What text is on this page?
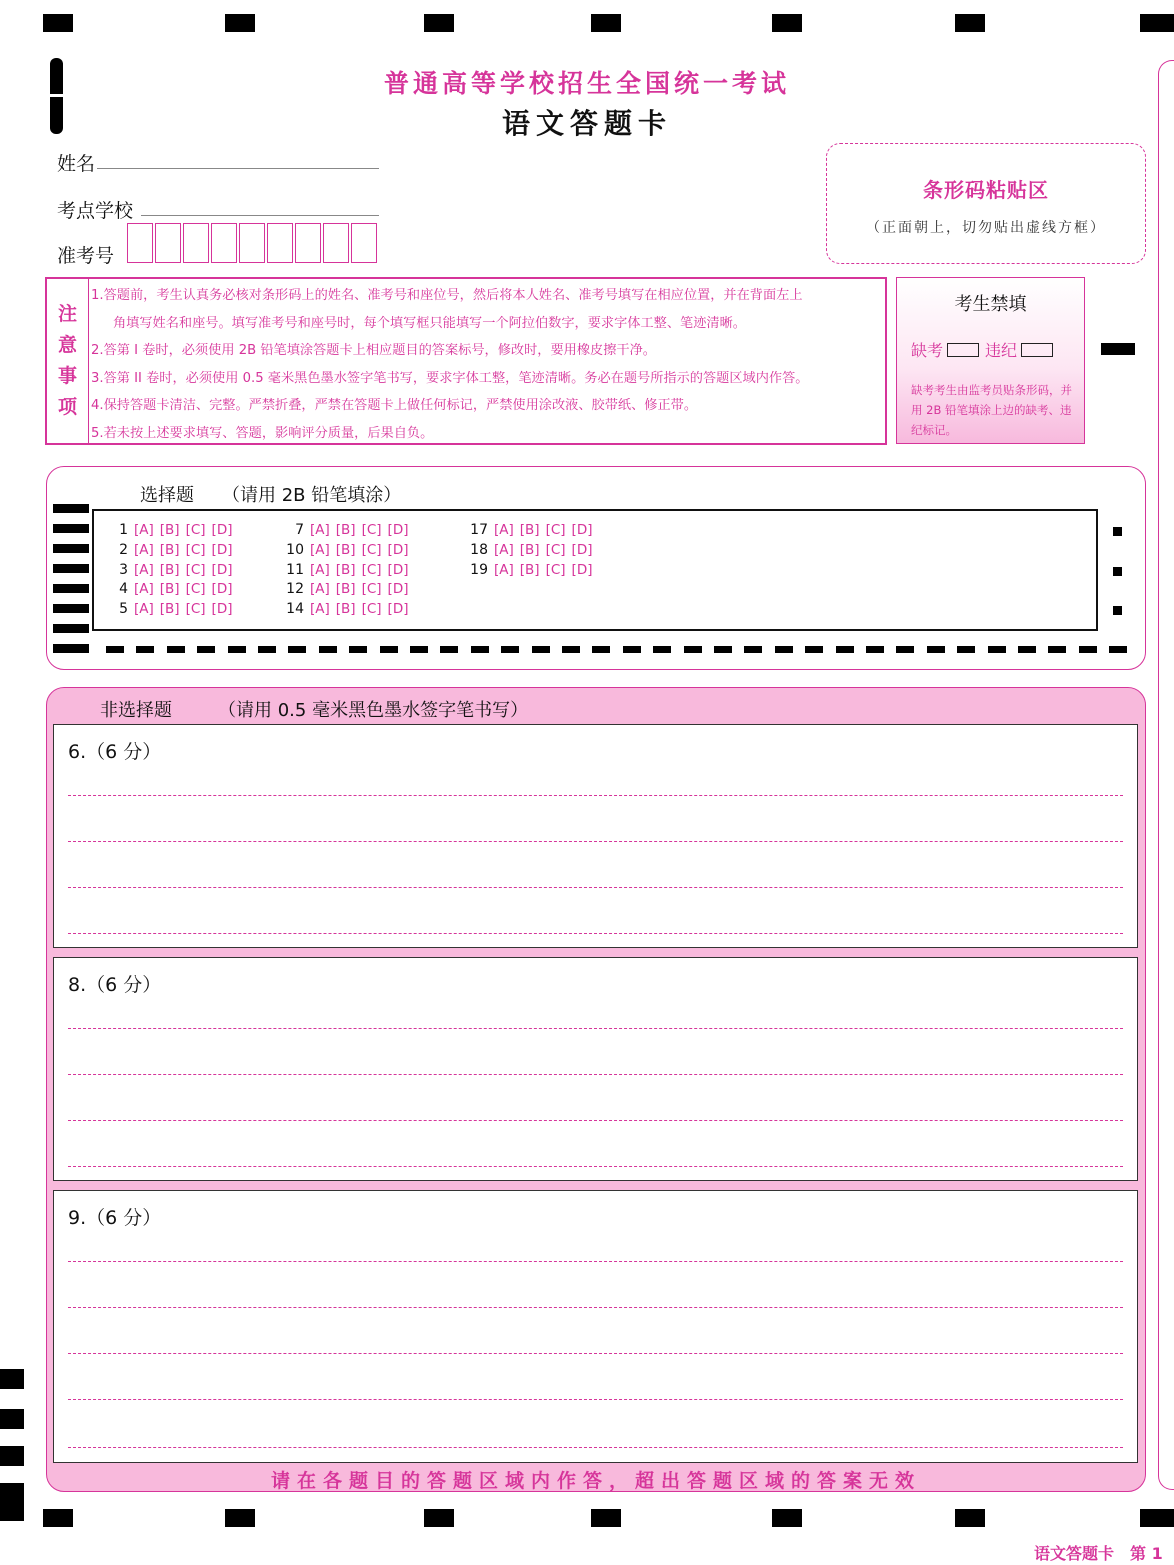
普通高等学校招生全国统一考试
语文答题卡
姓名
考点学校
准考号
条形码粘贴区
（正面朝上，切勿贴出虚线方框）
注
意
事
项
1.答题前，考生认真务必核对条形码上的姓名、准考号和座位号，然后将本人姓名、准考号填写在相应位置，并在背面左上
角填写姓名和座号。填写准考号和座号时，每个填写框只能填写一个阿拉伯数字，要求字体工整、笔迹清晰。
2.答第 I 卷时，必须使用 2B 铅笔填涂答题卡上相应题目的答案标号，修改时，要用橡皮擦干净。
3.答第 II 卷时，必须使用 0.5 毫米黑色墨水签字笔书写，要求字体工整，笔迹清晰。务必在题号所指示的答题区域内作答。
4.保持答题卡清洁、完整。严禁折叠，严禁在答题卡上做任何标记，严禁使用涂改液、胶带纸、修正带。
5.若未按上述要求填写、答题，影响评分质量，后果自负。
考生禁填
缺考	违纪
缺考考生由监考员贴条形码，并用 2B 铅笔填涂上边的缺考、违纪标记。
选择题 （请用 2B 铅笔填涂）
1 [A] [B] [C] [D]
2 [A] [B] [C] [D]
3 [A] [B] [C] [D]
4 [A] [B] [C] [D]
5 [A] [B] [C] [D]
7 [A] [B] [C] [D]
10 [A] [B] [C] [D]
11 [A] [B] [C] [D]
12 [A] [B] [C] [D]
14 [A] [B] [C] [D]
17 [A] [B] [C] [D]
18 [A] [B] [C] [D]
19 [A] [B] [C] [D]
非选择题	（请用 0.5 毫米黑色墨水签字笔书写）
6.（6 分）
8.（6 分）
9.（6 分）
请在各题目的答题区域内作答，超出答题区域的答案无效
语文答题卡　第 1
